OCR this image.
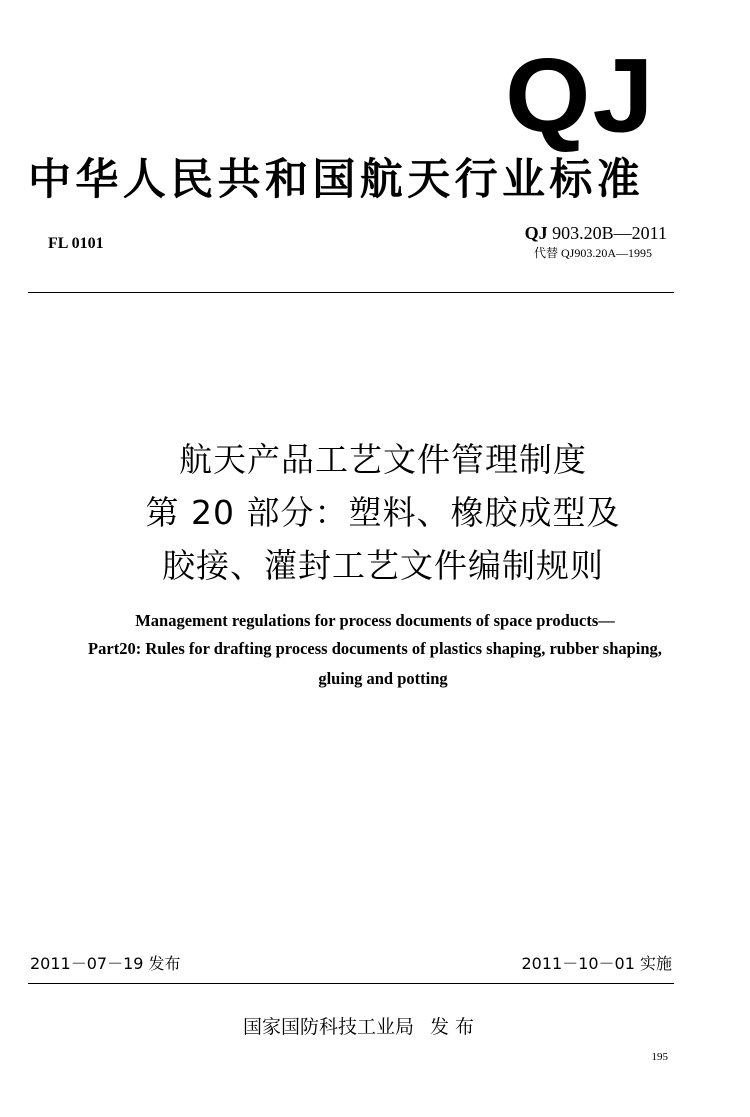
QJ
中华人民共和国航天行业标准
FL 0101
QJ 903.20B—2011
代替 QJ903.20A—1995
航天产品工艺文件管理制度
第 20 部分：塑料、橡胶成型及
胶接、灌封工艺文件编制规则
Management regulations for process documents of space products—
Part20: Rules for drafting process documents of plastics shaping, rubber shaping,
gluing and potting
2011－07－19 发布	2011－10－01 实施
国家国防科技工业局 发 布
195
